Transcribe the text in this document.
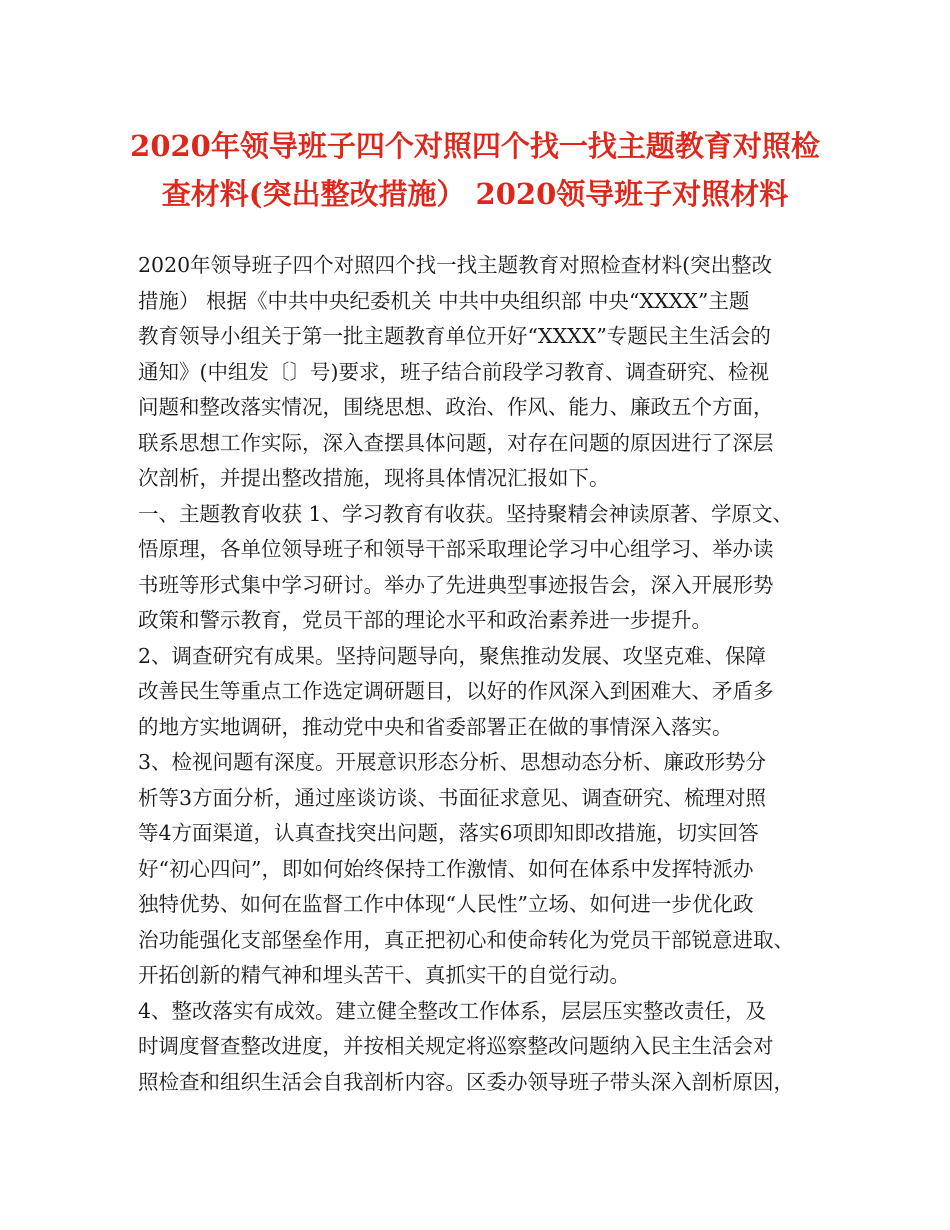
2020年领导班子四个对照四个找一找主题教育对照检
查材料(突出整改措施） 2020领导班子对照材料
2020年领导班子四个对照四个找一找主题教育对照检查材料(突出整改
措施） 根据《中共中央纪委机关 中共中央组织部 中央“XXXX”主题
教育领导小组关于第一批主题教育单位开好“XXXX”专题民主生活会的
通知》(中组发〔〕号)要求，班子结合前段学习教育、调查研究、检视
问题和整改落实情况，围绕思想、政治、作风、能力、廉政五个方面，
联系思想工作实际，深入查摆具体问题，对存在问题的原因进行了深层
次剖析，并提出整改措施，现将具体情况汇报如下。
一、主题教育收获 1、学习教育有收获。坚持聚精会神读原著、学原文、
悟原理，各单位领导班子和领导干部采取理论学习中心组学习、举办读
书班等形式集中学习研讨。举办了先进典型事迹报告会，深入开展形势
政策和警示教育，党员干部的理论水平和政治素养进一步提升。
2、调查研究有成果。坚持问题导向，聚焦推动发展、攻坚克难、保障
改善民生等重点工作选定调研题目，以好的作风深入到困难大、矛盾多
的地方实地调研，推动党中央和省委部署正在做的事情深入落实。
3、检视问题有深度。开展意识形态分析、思想动态分析、廉政形势分
析等3方面分析，通过座谈访谈、书面征求意见、调查研究、梳理对照
等4方面渠道，认真查找突出问题，落实6项即知即改措施，切实回答
好“初心四问”，即如何始终保持工作激情、如何在体系中发挥特派办
独特优势、如何在监督工作中体现“人民性”立场、如何进一步优化政
治功能强化支部堡垒作用，真正把初心和使命转化为党员干部锐意进取、
开拓创新的精气神和埋头苦干、真抓实干的自觉行动。
4、整改落实有成效。建立健全整改工作体系，层层压实整改责任，及
时调度督查整改进度，并按相关规定将巡察整改问题纳入民主生活会对
照检查和组织生活会自我剖析内容。区委办领导班子带头深入剖析原因，
